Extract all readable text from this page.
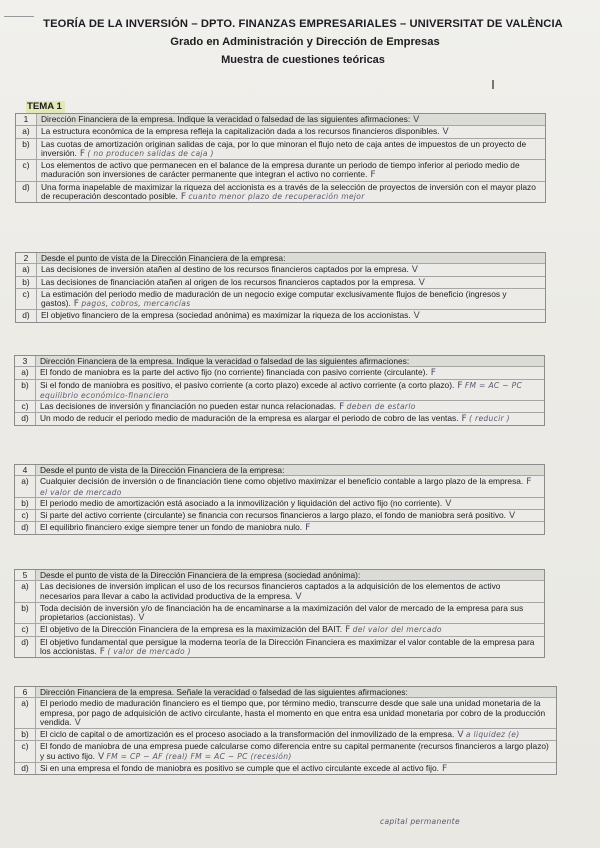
TEORÍA DE LA INVERSIÓN – DPTO. FINANZAS EMPRESARIALES – UNIVERSITAT DE VALÈNCIA
Grado en Administración y Dirección de Empresas
Muestra de cuestiones teóricas
TEMA 1
1	Dirección Financiera de la empresa. Indique la veracidad o falsedad de las siguientes afirmaciones: V
a)	La estructura económica de la empresa refleja la capitalización dada a los recursos financieros disponibles. V
b)	Las cuotas de amortización originan salidas de caja, por lo que minoran el flujo neto de caja antes de impuestos de un proyecto de inversión. F ( no producen salidas de caja )
c)	Los elementos de activo que permanecen en el balance de la empresa durante un periodo de tiempo inferior al periodo medio de maduración son inversiones de carácter permanente que integran el activo no corriente. F
d)	Una forma inapelable de maximizar la riqueza del accionista es a través de la selección de proyectos de inversión con el mayor plazo de recuperación descontado posible. F cuanto menor plazo de recuperación mejor
2	Desde el punto de vista de la Dirección Financiera de la empresa:
a)	Las decisiones de inversión atañen al destino de los recursos financieros captados por la empresa. V
b)	Las decisiones de financiación atañen al origen de los recursos financieros captados por la empresa. V
c)	La estimación del periodo medio de maduración de un negocio exige computar exclusivamente flujos de beneficio (ingresos y gastos). F pagos, cobros, mercancías
d)	El objetivo financiero de la empresa (sociedad anónima) es maximizar la riqueza de los accionistas. V
3	Dirección Financiera de la empresa. Indique la veracidad o falsedad de las siguientes afirmaciones:
a)	El fondo de maniobra es la parte del activo fijo (no corriente) financiada con pasivo corriente (circulante). F
b)	Si el fondo de maniobra es positivo, el pasivo corriente (a corto plazo) excede al activo corriente (a corto plazo). F FM = AC − PC equilibrio económico-financiero
c)	Las decisiones de inversión y financiación no pueden estar nunca relacionadas. F deben de estarlo
d)	Un modo de reducir el periodo medio de maduración de la empresa es alargar el periodo de cobro de las ventas. F ( reducir )
4	Desde el punto de vista de la Dirección Financiera de la empresa:
a)	Cualquier decisión de inversión o de financiación tiene como objetivo maximizar el beneficio contable a largo plazo de la empresa. F el valor de mercado
b)	El periodo medio de amortización está asociado a la inmovilización y liquidación del activo fijo (no corriente). V
c)	Si parte del activo corriente (circulante) se financia con recursos financieros a largo plazo, el fondo de maniobra será positivo. V
d)	El equilibrio financiero exige siempre tener un fondo de maniobra nulo. F
5	Desde el punto de vista de la Dirección Financiera de la empresa (sociedad anónima):
a)	Las decisiones de inversión implican el uso de los recursos financieros captados a la adquisición de los elementos de activo necesarios para llevar a cabo la actividad productiva de la empresa. V
b)	Toda decisión de inversión y/o de financiación ha de encaminarse a la maximización del valor de mercado de la empresa para sus propietarios (accionistas). V
c)	El objetivo de la Dirección Financiera de la empresa es la maximización del BAIT. F del valor del mercado
d)	El objetivo fundamental que persigue la moderna teoría de la Dirección Financiera es maximizar el valor contable de la empresa para los accionistas. F ( valor de mercado )
6	Dirección Financiera de la empresa. Señale la veracidad o falsedad de las siguientes afirmaciones:
a)	El periodo medio de maduración financiero es el tiempo que, por término medio, transcurre desde que sale una unidad monetaria de la empresa, por pago de adquisición de activo circulante, hasta el momento en que entra esa unidad monetaria por cobro de la producción vendida. V
b)	El ciclo de capital o de amortización es el proceso asociado a la transformación del inmovilizado de la empresa. V a liquidez (e)
c)	El fondo de maniobra de una empresa puede calcularse como diferencia entre su capital permanente (recursos financieros a largo plazo) y su activo fijo. V FM = CP − AF (real) FM = AC − PC (recesión)
d)	Si en una empresa el fondo de maniobra es positivo se cumple que el activo circulante excede al activo fijo. F
capital permanente
